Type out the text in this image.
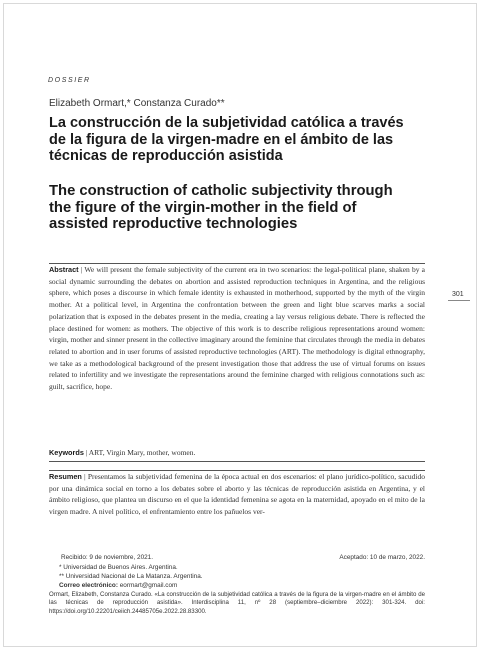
DOSSIER
Elizabeth Ormart,* Constanza Curado**
La construcción de la subjetividad católica a través de la figura de la virgen-madre en el ámbito de las técnicas de reproducción asistida
The construction of catholic subjectivity through the figure of the virgin-mother in the field of assisted reproductive technologies
301
Abstract | We will present the female subjectivity of the current era in two scenarios: the legal-political plane, shaken by a social dynamic surrounding the debates on abortion and assisted reproduction techniques in Argentina, and the religious sphere, which poses a discourse in which female identity is exhausted in motherhood, supported by the myth of the virgin mother. At a political level, in Argentina the confrontation between the green and light blue scarves marks a social polarization that is exposed in the debates present in the media, creating a lay versus religious debate. There is reflected the place destined for women: as mothers. The objective of this work is to describe religious representations around women: virgin, mother and sinner present in the collective imaginary around the feminine that circulates through the media in debates related to abortion and in user forums of assisted reproductive technologies (ART). The methodology is digital ethnography, we take as a methodological background of the present investigation those that address the use of virtual forums on issues related to infertility and we investigate the representations around the feminine charged with religious connotations such as: guilt, sacrifice, hope.
Keywords | ART, Virgin Mary, mother, women.
Resumen | Presentamos la subjetividad femenina de la época actual en dos escenarios: el plano jurídico-político, sacudido por una dinámica social en torno a los debates sobre el aborto y las técnicas de reproducción asistida en Argentina, y el ámbito religioso, que plantea un discurso en el que la identidad femenina se agota en la maternidad, apoyado en el mito de la virgen madre. A nivel político, el enfrentamiento entre los pañuelos ver-
Recibido: 9 de noviembre, 2021.	Aceptado: 10 de marzo, 2022.
* Universidad de Buenos Aires. Argentina.
** Universidad Nacional de La Matanza. Argentina.
Correo electrónico: eormart@gmail.com
Ormart, Elizabeth, Constanza Curado. «La construcción de la subjetividad católica a través de la figura de la virgen-madre en el ámbito de las técnicas de reproducción asistida». Interdisciplina 11, nº 28 (septiembre–diciembre 2022): 301-324. doi: https://doi.org/10.22201/ceiich.24485705e.2022.28.83300.
